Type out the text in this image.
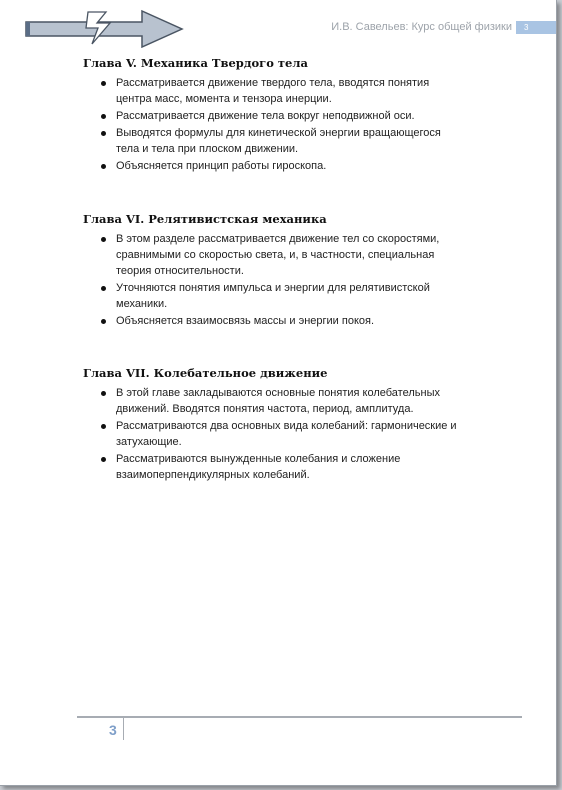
И.В. Савельев: Курс общей физики	3
Глава V. Механика Твердого тела
Рассматривается движение твердого тела, вводятся понятия центра масс, момента и тензора инерции.
Рассматривается движение тела вокруг неподвижной оси.
Выводятся формулы для кинетической энергии вращающегося тела и тела при плоском движении.
Объясняется принцип работы гироскопа.
Глава VI. Релятивистская механика
В этом разделе рассматривается движение тел со скоростями, сравнимыми со скоростью света, и, в частности, специальная теория относительности.
Уточняются понятия импульса и энергии для релятивистской механики.
Объясняется взаимосвязь массы и энергии покоя.
Глава VII. Колебательное движение
В этой главе закладываются основные понятия колебательных движений. Вводятся понятия частота, период, амплитуда.
Рассматриваются два основных вида колебаний: гармонические и затухающие.
Рассматриваются вынужденные колебания и сложение взаимоперпендикулярных колебаний.
3
